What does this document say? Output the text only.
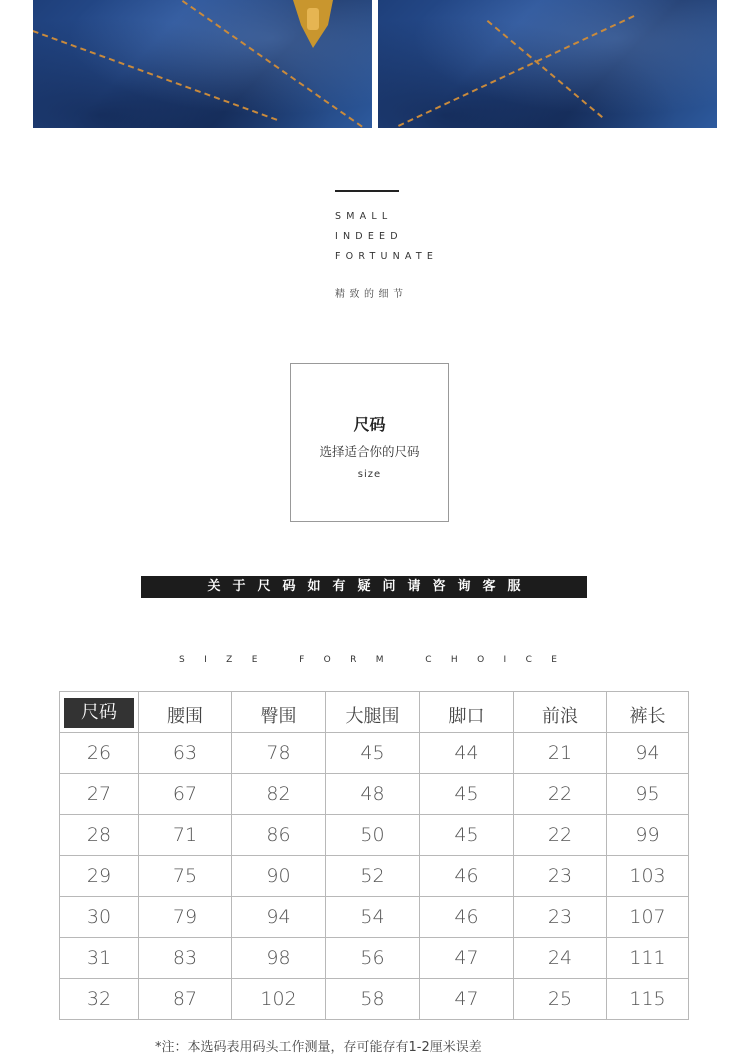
SMALL
INDEED
FORTUNATE
精致的细节
尺码
选择适合你的尺码
size
关于尺码如有疑问请咨询客服
SIZE FORM CHOICE
尺码	腰围	臀围	大腿围	脚口	前浪	裤长
26	63	78	45	44	21	94
27	67	82	48	45	22	95
28	71	86	50	45	22	99
29	75	90	52	46	23	103
30	79	94	54	46	23	107
31	83	98	56	47	24	111
32	87	102	58	47	25	115
*注：本选码表用码头工作测量，存可能存有1-2厘米误差
